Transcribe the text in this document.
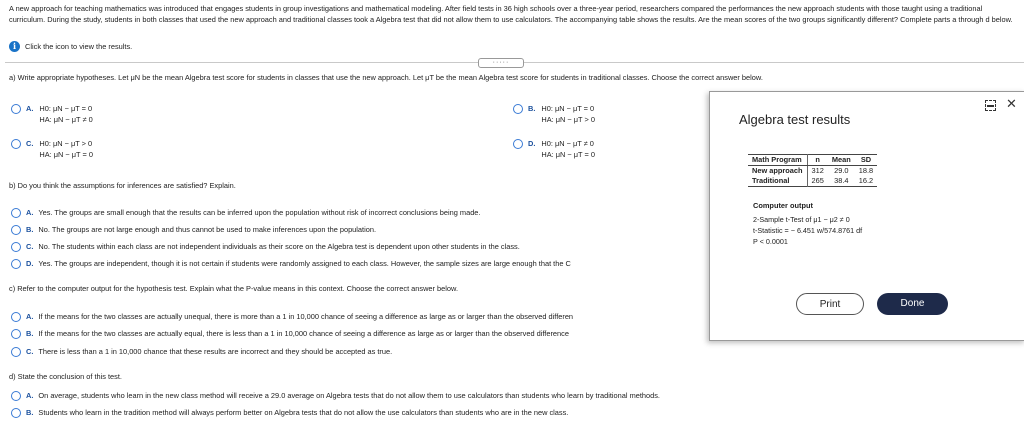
A new approach for teaching mathematics was introduced that engages students in group investigations and mathematical modeling. After field tests in 36 high schools over a three-year period, researchers compared the performances the new approach students with those taught using a traditional curriculum. During the study, students in both classes that used the new approach and traditional classes took a Algebra test that did not allow them to use calculators. The accompanying table shows the results. Are the mean scores of the two groups significantly different? Complete parts a through d below.
i	Click the icon to view the results.
·····
a) Write appropriate hypotheses. Let μN be the mean Algebra test score for students in classes that use the new approach. Let μT be the mean Algebra test score for students in traditional classes. Choose the correct answer below.
A. H0: μN − μT = 0
HA: μN − μT ≠ 0
B. H0: μN − μT = 0
HA: μN − μT > 0
C. H0: μN − μT > 0
HA: μN − μT = 0
D. H0: μN − μT ≠ 0
HA: μN − μT = 0
b) Do you think the assumptions for inferences are satisfied? Explain.
A. Yes. The groups are small enough that the results can be inferred upon the population without risk of incorrect conclusions being made.
B. No. The groups are not large enough and thus cannot be used to make inferences upon the population.
C. No. The students within each class are not independent individuals as their score on the Algebra test is dependent upon other students in the class.
D. Yes. The groups are independent, though it is not certain if students were randomly assigned to each class. However, the sample sizes are large enough that the C
c) Refer to the computer output for the hypothesis test. Explain what the P-value means in this context. Choose the correct answer below.
A. If the means for the two classes are actually unequal, there is more than a 1 in 10,000 chance of seeing a difference as large as or larger than the observed differen
B. If the means for the two classes are actually equal, there is less than a 1 in 10,000 chance of seeing a difference as large as or larger than the observed difference
C. There is less than a 1 in 10,000 chance that these results are incorrect and they should be accepted as true.
d) State the conclusion of this test.
A. On average, students who learn in the new class method will receive a 29.0 average on Algebra tests that do not allow them to use calculators than students who learn by traditional methods.
B. Students who learn in the tradition method will always perform better on Algebra tests that do not allow the use calculators than students who are in the new class.
Algebra test results
✕
Math Program	n	Mean	SD
New approach	312	29.0	18.8
Traditional	265	38.4	16.2
Computer output
2-Sample t-Test of μ1 − μ2 ≠ 0
t-Statistic = − 6.451 w/574.8761 df
P < 0.0001
Print	Done
